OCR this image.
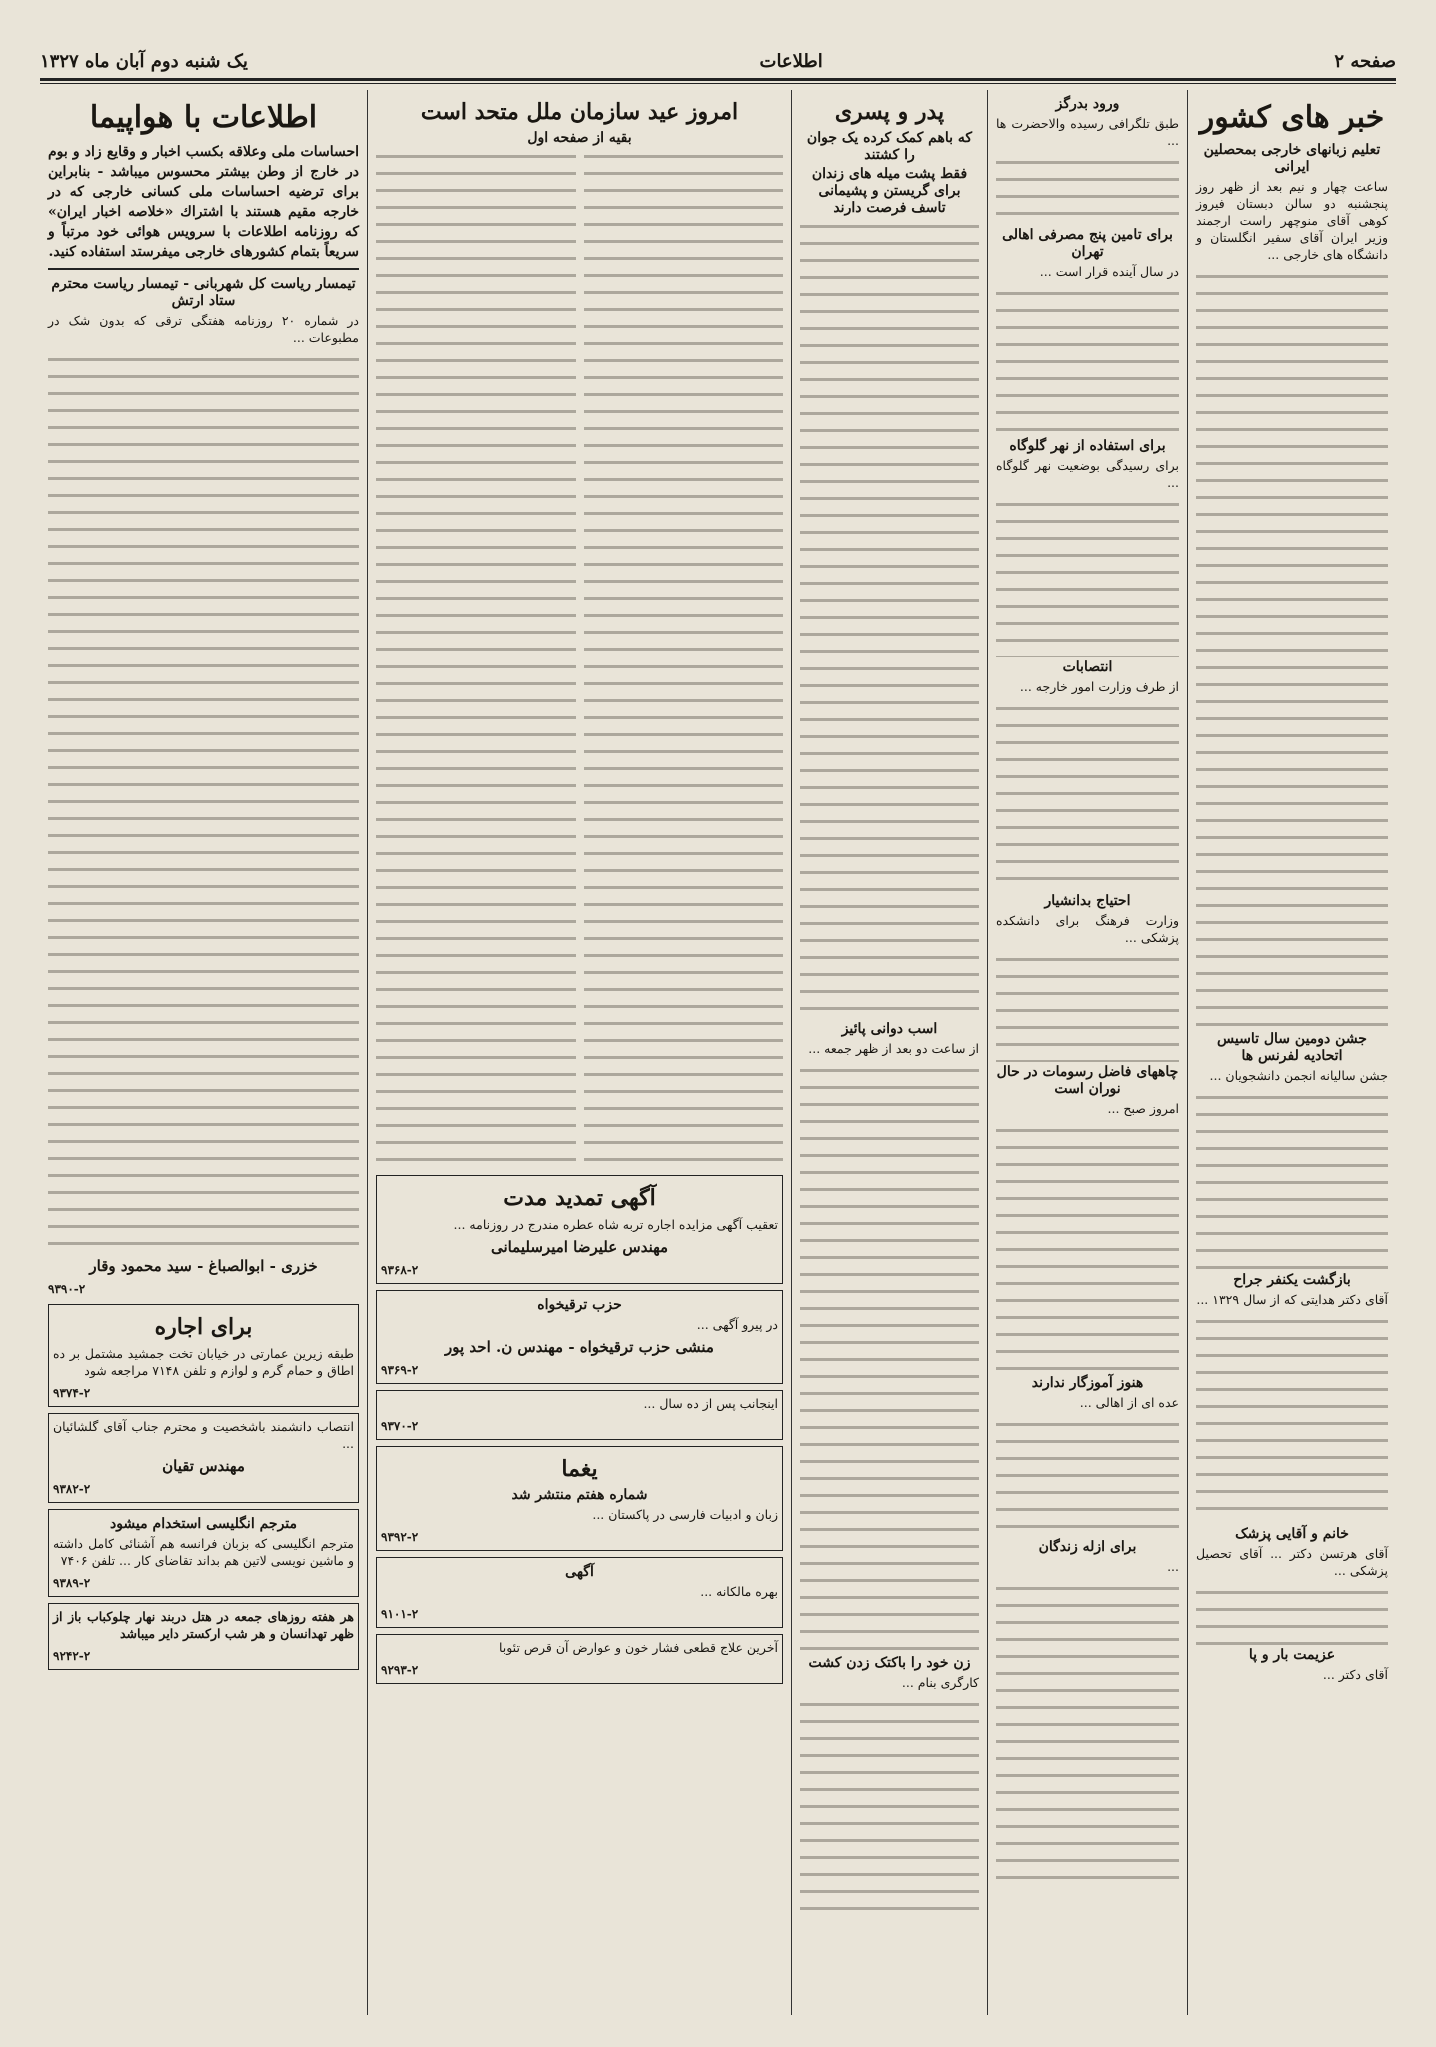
صفحه ۲
اطلاعات
یک شنبه دوم آبان ماه ۱۳۲۷
خبر های کشور
تعلیم زبانهای خارجی بمحصلین ایرانی

ساعت چهار و نیم بعد از ظهر روز پنجشنبه دو سالن دبستان فیروز کوهی آقای منوچهر راست ارجمند وزیر ایران آقای سفیر انگلستان و دانشگاه هاى خارجی ...

جشن دومین سال تاسیس اتحادیه لفرنس ها

جشن سالیانه انجمن دانشجویان ...

بازگشت یکنفر جراح

آقای دکتر هدایتی که از سال ۱۳۲۹ ...

خانم و آقایی پزشک

آقای هرتسن دکتر ... آقای تحصیل پزشکی ...

عزیمت بار و پا

آقای دکتر ...

ورود بدرگز

طبق تلگرافی رسیده والاحضرت ها ...

برای تامین پنج مصرفی اهالی تهران

در سال آینده قرار است ...

برای استفاده از نهر گلوگاه

برای رسیدگی بوضعیت نهر گلوگاه ...

انتصابات

از طرف وزارت امور خارجه ...

احتیاج بدانشیار

وزارت فرهنگ برای دانشکده پزشکی ...

چاههای فاضل رسومات در حال نوران است

امروز صبح ...

هنوز آموزگار ندارند

عده ای از اهالی ...

برای ازله زندگان

...

پدر و پسری
که باهم کمک کرده یک جوان را کشتند
فقط پشت میله های زندان برای گریستن و پشیمانی تاسف فرصت دارند
اسب دوانی پائیز

از ساعت دو بعد از ظهر جمعه ...

زن خود را باکتک زدن کشت

کارگری بنام ...

امروز عید سازمان ملل متحد است
بقیه از صفحه اول
آگهی تمدید مدت

تعقیب آگهی مزایده اجاره تربه شاه عطره مندرج در روزنامه ...

مهندس علیرضا امیرسلیمانی
۹۳۶۸-۲
حزب ترقیخواه

در پیرو آگهی ...

منشی حزب ترقیخواه - مهندس ن. احد پور
۹۳۶۹-۲

اینجانب پس از ده سال ...

۹۳۷۰-۲
یغما
شماره هفتم منتشر شد

زبان و ادبیات فارسی در پاکستان ...

۹۳۹۲-۲
آگهی

بهره مالکانه ...

۹۱۰۱-۲

آخرین علاج قطعی فشار خون و عوارض آن قرص تئوبا

۹۲۹۳-۲
اطلاعات با هواپیما

احساسات ملی وعلاقه بکسب اخبار و وقایع زاد و بوم در خارج از وطن بیشتر محسوس میباشد - بنابراین برای ترضیه احساسات ملی کسانی خارجی که در خارجه مقیم هستند با اشتراك «خلاصه اخبار ایران» که روزنامه اطلاعات با سرویس هوائی خود مرتباً و سریعاً بتمام کشورهای خارجی میفرستد استفاده کنید.

تیمسار ریاست کل شهربانی - تیمسار ریاست محترم ستاد ارتش

در شماره ۲۰ روزنامه هفتگی ترقی که بدون شک در مطبوعات ...

خزری - ابوالصباغ - سید محمود وقار
۹۳۹۰-۲
برای اجاره

طبقه زیرین عمارتی در خیابان تخت جمشید مشتمل بر ده اطاق و حمام گرم و لوازم و تلفن ۷۱۴۸ مراجعه شود

۹۳۷۴-۲

انتصاب دانشمند باشخصیت و محترم جناب آقای گلشائیان ...

مهندس تقیان
۹۳۸۲-۲
مترجم انگلیسی استخدام میشود

مترجم انگلیسی که بزبان فرانسه هم آشنائی کامل داشته و ماشین نویسی لاتین هم بداند تقاضای کار ... تلفن ۷۴۰۶

۹۳۸۹-۲

هر هفته روزهای جمعه در هتل دربند نهار چلوکباب باز از ظهر تهدانسان و هر شب ارکستر دایر میباشد

۹۲۴۲-۲
